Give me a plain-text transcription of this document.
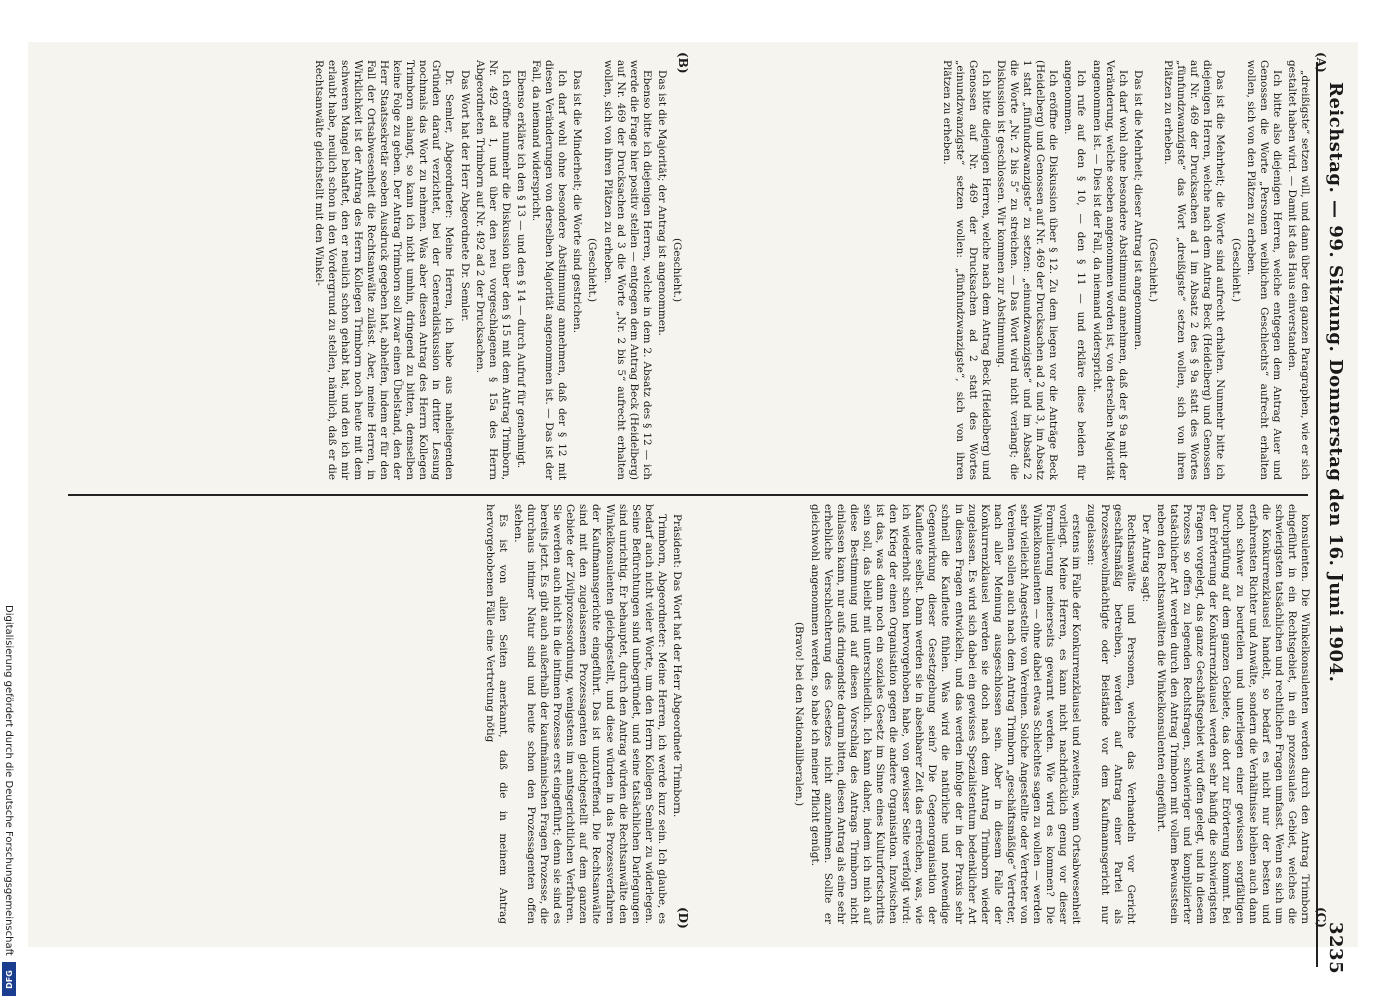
Reichstag. — 99. Sitzung. Donnerstag den 16. Juni 1904.
3235
(A)
(B)
(C)
(D)

„dreißigste“ setzen will, und dann über den ganzen Paragraphen, wie er sich gestaltet haben wird. — Damit ist das Haus einverstanden.

Ich bitte also diejenigen Herren, welche entgegen dem Antrag Auer und Genossen die Worte „Personen weiblichen Geschlechts“ aufrecht erhalten wollen, sich von den Plätzen zu erheben.

(Geschieht.)

Das ist die Mehrheit; die Worte sind aufrecht erhalten. Nunmehr bitte ich diejenigen Herren, welche nach dem Antrag Beck (Heidelberg) und Genossen auf Nr. 469 der Drucksachen ad 1 im Absatz 2 des § 9a statt des Wortes „fünfundzwanzigste“ das Wort „dreißigste“ setzen wollen, sich von ihren Plätzen zu erheben.

(Geschieht.)

Das ist die Mehrheit; dieser Antrag ist angenommen.

Ich darf wohl ohne besondere Abstimmung annehmen, daß der § 9a mit der Veränderung, welche soeben angenommen worden ist, von derselben Majorität angenommen ist. — Dies ist der Fall, da niemand widerspricht.

Ich rufe auf den § 10, — den § 11 — und erkläre diese beiden für angenommen.

Ich eröffne die Diskussion über § 12. Zu dem liegen vor die Anträge Beck (Heidelberg) und Genossen auf Nr. 469 der Drucksachen ad 2 und 3, im Absatz 1 statt „fünfundzwanzigste“ zu setzen: „einundzwanzigste“ und im Absatz 2 die Worte „Nr. 2 bis 5“ zu streichen. — Das Wort wird nicht verlangt; die Diskussion ist geschlossen. Wir kommen zur Abstimmung.

Ich bitte diejenigen Herren, welche nach dem Antrag Beck (Heidelberg) und Genossen auf Nr. 469 der Drucksachen ad 2 statt des Wortes „einundzwanzigste“ setzen wollen: „fünfundzwanzigste“, sich von ihren Plätzen zu erheben.

(Geschieht.)

Das ist die Majorität; der Antrag ist angenommen.

Ebenso bitte ich diejenigen Herren, welche in dem 2. Absatz des § 12 — ich werde die Frage hier positiv stellen — entgegen dem Antrag Beck (Heidelberg) auf Nr. 469 der Drucksachen ad 3 die Worte „Nr. 2 bis 5“ aufrecht erhalten wollen, sich von ihren Plätzen zu erheben.

(Geschieht.)

Das ist die Minderheit; die Worte sind gestrichen.

Ich darf wohl ohne besondere Abstimmung annehmen, daß der § 12 mit diesen Veränderungen von derselben Majorität angenommen ist. — Das ist der Fall, da niemand widerspricht.

Ebenso erkläre ich den § 13 — und den § 14 — durch Aufruf für genehmigt.

Ich eröffne nunmehr die Diskussion über den § 15 mit dem Antrag Trimborn, Nr. 492 ad 1, und über den neu vorgeschlagenen § 15a des Herrn Abgeordneten Trimborn auf Nr. 492 ad 2 der Drucksachen.

Das Wort hat der Herr Abgeordnete Dr. Semler.

Dr. Semler, Abgeordneter: Meine Herren, ich habe aus naheliegenden Gründen darauf verzichtet, bei der Generaldiskussion in dritter Lesung nochmals das Wort zu nehmen. Was aber diesen Antrag des Herrn Kollegen Trimborn anlangt, so kann ich nicht umhin, dringend zu bitten, demselben keine Folge zu geben. Der Antrag Trimborn soll zwar einen Übelstand, den der Herr Staatssekretär soeben Ausdruck gegeben hat, abhelfen, indem er für den Fall der Ortsabwesenheit die Rechtsanwälte zulässt. Aber, meine Herren, in Wirklichkeit ist der Antrag des Herrn Kollegen Trimborn noch heute mit dem schweren Mangel behaftet, den er neulich schon gehabt hat, und den ich mir erlaubt habe, neulich schon in den Vordergrund zu stellen, nämlich, daß er die Rechtsanwälte gleichstellt mit den Winkel-

konsulenten. Die Winkelkonsulenten werden durch den Antrag Trimborn eingeführt in ein Rechtsgebiet, in ein prozessuales Gebiet, welches die schwierigsten tatsächlichen und rechtlichen Fragen umfasst. Wenn es sich um die Konkurrenzklausel handelt, so bedarf es nicht nur der besten und erfahrensten Richter und Anwälte, sondern die Verhältnisse bleiben auch dann noch schwer zu beurteilen und unterliegen einer gewissen sorgfältigen Durchprüfung auf dem ganzen Gebiete, das dort zur Erörterung kommt. Bei der Erörterung der Konkurrenzklausel werden sehr häufig die schwierigsten Fragen vorgelegt, das ganze Geschäftsgebiet wird offen gelegt, und in diesem Prozess so offen zu legenden Rechtsfragen, schwieriger und komplizierter tatsächlicher Art werden durch den Antrag Trimborn mit vollem Bewusstsein neben den Rechtsanwälten die Winkelkonsulenten eingeführt.

Der Antrag sagt:

Rechtsanwälte und Personen, welche das Verhandeln vor Gericht geschäftsmäßig betreiben, werden auf Antrag einer Partei als Prozessbevollmächtigte oder Beistände vor dem Kaufmannsgericht nur zugelassen:

erstens im Falle der Konkurrenzklausel und zweitens, wenn Ortsabwesenheit vorliegt. Meine Herren, es kann nicht nachdrücklich genug vor dieser Formulierung meinerseits gewarnt werden. Wie wird es kommen? Die Winkelkonsulenten — ohne dabei etwas Schlechtes sagen zu wollen — werden sehr vielleicht Angestellte von Vereinen. Solche Angestellte oder Vertreter von Vereinen sollen auch nach dem Antrag Trimborn „geschäftsmäßige“ Vertreter, nach aller Meinung ausgeschlossen sein. Aber in diesem Falle der Konkurrenzklausel werden sie doch nach dem Antrag Trimborn wieder zugelassen. Es wird sich dabei ein gewisses Spezialistentum bedenklicher Art in diesen Fragen entwickeln, und das werden infolge der in der Praxis sehr schnell die Kaufleute fühlen. Was wird die natürliche und notwendige Gegenwirkung dieser Gesetzgebung sein? Die Gegenorganisation der Kaufleute selbst. Dann werden sie in absehbarer Zeit das erreichen, was, wie ich wiederholt schon hervorgehoben habe, von gewisser Seite verfolgt wird: den Krieg der einen Organisation gegen die andere Organisation. Inzwischen ist das, was dann noch ein soziales Gesetz im Sinne eines Kulturfortschritts sein soll, das bleibt mit unterschiedlich. Ich kann daher, indem ich mich auf diese Bestimmung und auf diesen Vorschlag des Antrags Trimborn nicht einlassen kann, nur aufs dringendste darum bitten, diesen Antrag als eine sehr erhebliche Verschlechterung des Gesetzes nicht anzunehmen. Sollte er gleichwohl angenommen werden, so habe ich meiner Pflicht genügt.

(Bravo! bei den Nationalliberalen.)

Präsident: Das Wort hat der Herr Abgeordnete Trimborn.

Trimborn, Abgeordneter: Meine Herren, ich werde kurz sein. Ich glaube, es bedarf auch nicht vieler Worte, um den Herrn Kollegen Semler zu widerlegen. Seine Befürchtungen sind unbegründet, und seine tatsächlichen Darlegungen sind unrichtig. Er behauptet, durch den Antrag würden die Rechtsanwälte den Winkelkonsulenten gleichgestellt, und diese würden in das Prozessverfahren der Kaufmannsgerichte eingeführt. Das ist unzutreffend. Die Rechtsanwälte sind mit den zugelassenen Prozessagenten gleichgestellt auf dem ganzen Gebiete der Zivilprozessordnung, wenigstens im amtsgerichtlichen Verfahren. Sie werden auch nicht in die intimen Prozesse erst eingeführt; denn sie sind es bereits jetzt. Es gibt auch außerhalb der kaufmännischen Fragen Prozesse, die durchaus intimer Natur sind und heute schon den Prozessagenten offen stehen.

Es ist von allen Seiten anerkannt, daß die in meinem Antrag hervorgehobenen Fälle eine Vertretung nötig

Digitalisierung gefördert durch die Deutsche Forschungsgemeinschaft
DFG
